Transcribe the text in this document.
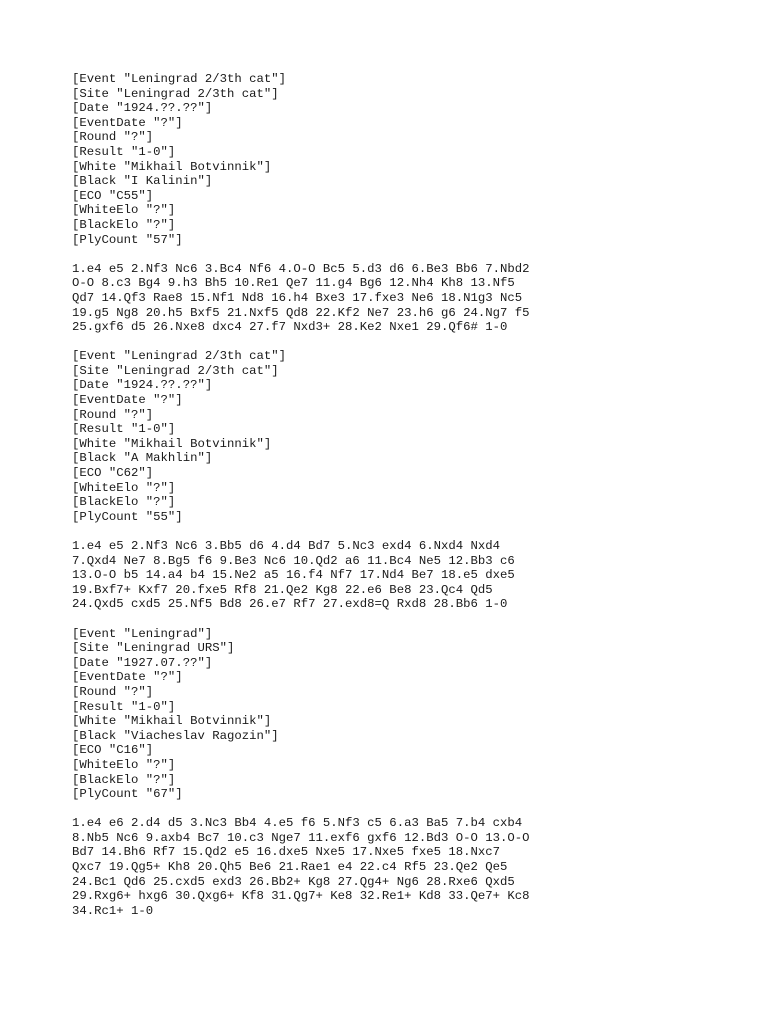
[Event "Leningrad 2/3th cat"]
[Site "Leningrad 2/3th cat"]
[Date "1924.??.??"]
[EventDate "?"]
[Round "?"]
[Result "1-0"]
[White "Mikhail Botvinnik"]
[Black "I Kalinin"]
[ECO "C55"]
[WhiteElo "?"]
[BlackElo "?"]
[PlyCount "57"]
1.e4 e5 2.Nf3 Nc6 3.Bc4 Nf6 4.O-O Bc5 5.d3 d6 6.Be3 Bb6 7.Nbd2
O-O 8.c3 Bg4 9.h3 Bh5 10.Re1 Qe7 11.g4 Bg6 12.Nh4 Kh8 13.Nf5
Qd7 14.Qf3 Rae8 15.Nf1 Nd8 16.h4 Bxe3 17.fxe3 Ne6 18.N1g3 Nc5
19.g5 Ng8 20.h5 Bxf5 21.Nxf5 Qd8 22.Kf2 Ne7 23.h6 g6 24.Ng7 f5
25.gxf6 d5 26.Nxe8 dxc4 27.f7 Nxd3+ 28.Ke2 Nxe1 29.Qf6# 1-0
[Event "Leningrad 2/3th cat"]
[Site "Leningrad 2/3th cat"]
[Date "1924.??.??"]
[EventDate "?"]
[Round "?"]
[Result "1-0"]
[White "Mikhail Botvinnik"]
[Black "A Makhlin"]
[ECO "C62"]
[WhiteElo "?"]
[BlackElo "?"]
[PlyCount "55"]
1.e4 e5 2.Nf3 Nc6 3.Bb5 d6 4.d4 Bd7 5.Nc3 exd4 6.Nxd4 Nxd4
7.Qxd4 Ne7 8.Bg5 f6 9.Be3 Nc6 10.Qd2 a6 11.Bc4 Ne5 12.Bb3 c6
13.O-O b5 14.a4 b4 15.Ne2 a5 16.f4 Nf7 17.Nd4 Be7 18.e5 dxe5
19.Bxf7+ Kxf7 20.fxe5 Rf8 21.Qe2 Kg8 22.e6 Be8 23.Qc4 Qd5
24.Qxd5 cxd5 25.Nf5 Bd8 26.e7 Rf7 27.exd8=Q Rxd8 28.Bb6 1-0
[Event "Leningrad"]
[Site "Leningrad URS"]
[Date "1927.07.??"]
[EventDate "?"]
[Round "?"]
[Result "1-0"]
[White "Mikhail Botvinnik"]
[Black "Viacheslav Ragozin"]
[ECO "C16"]
[WhiteElo "?"]
[BlackElo "?"]
[PlyCount "67"]
1.e4 e6 2.d4 d5 3.Nc3 Bb4 4.e5 f6 5.Nf3 c5 6.a3 Ba5 7.b4 cxb4
8.Nb5 Nc6 9.axb4 Bc7 10.c3 Nge7 11.exf6 gxf6 12.Bd3 O-O 13.O-O
Bd7 14.Bh6 Rf7 15.Qd2 e5 16.dxe5 Nxe5 17.Nxe5 fxe5 18.Nxc7
Qxc7 19.Qg5+ Kh8 20.Qh5 Be6 21.Rae1 e4 22.c4 Rf5 23.Qe2 Qe5
24.Bc1 Qd6 25.cxd5 exd3 26.Bb2+ Kg8 27.Qg4+ Ng6 28.Rxe6 Qxd5
29.Rxg6+ hxg6 30.Qxg6+ Kf8 31.Qg7+ Ke8 32.Re1+ Kd8 33.Qe7+ Kc8
34.Rc1+ 1-0
